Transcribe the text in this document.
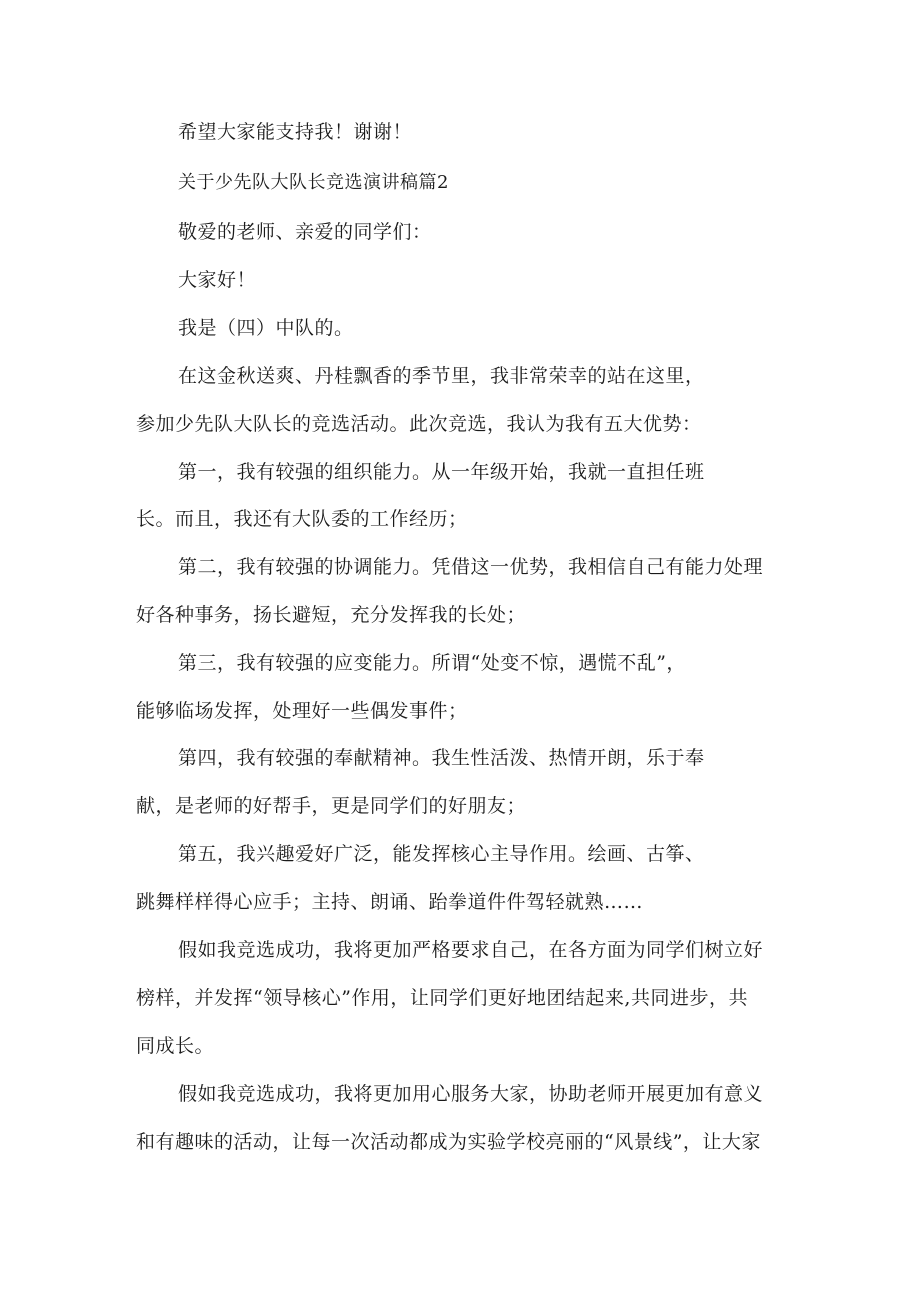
希望大家能支持我！谢谢！
关于少先队大队长竞选演讲稿篇2
敬爱的老师、亲爱的同学们：
大家好！
我是（四）中队的。
在这金秋送爽、丹桂飘香的季节里，我非常荣幸的站在这里，
参加少先队大队长的竞选活动。此次竞选，我认为我有五大优势：
第一，我有较强的组织能力。从一年级开始，我就一直担任班
长。而且，我还有大队委的工作经历；
第二，我有较强的协调能力。凭借这一优势，我相信自己有能力处理
好各种事务，扬长避短，充分发挥我的长处；
第三，我有较强的应变能力。所谓“处变不惊，遇慌不乱”，
能够临场发挥，处理好一些偶发事件；
第四，我有较强的奉献精神。我生性活泼、热情开朗，乐于奉
献，是老师的好帮手，更是同学们的好朋友；
第五，我兴趣爱好广泛，能发挥核心主导作用。绘画、古筝、
跳舞样样得心应手；主持、朗诵、跆拳道件件驾轻就熟……
假如我竞选成功，我将更加严格要求自己，在各方面为同学们树立好
榜样，并发挥“领导核心”作用，让同学们更好地团结起来,共同进步，共
同成长。
假如我竞选成功，我将更加用心服务大家，协助老师开展更加有意义
和有趣味的活动，让每一次活动都成为实验学校亮丽的“风景线”，让大家
